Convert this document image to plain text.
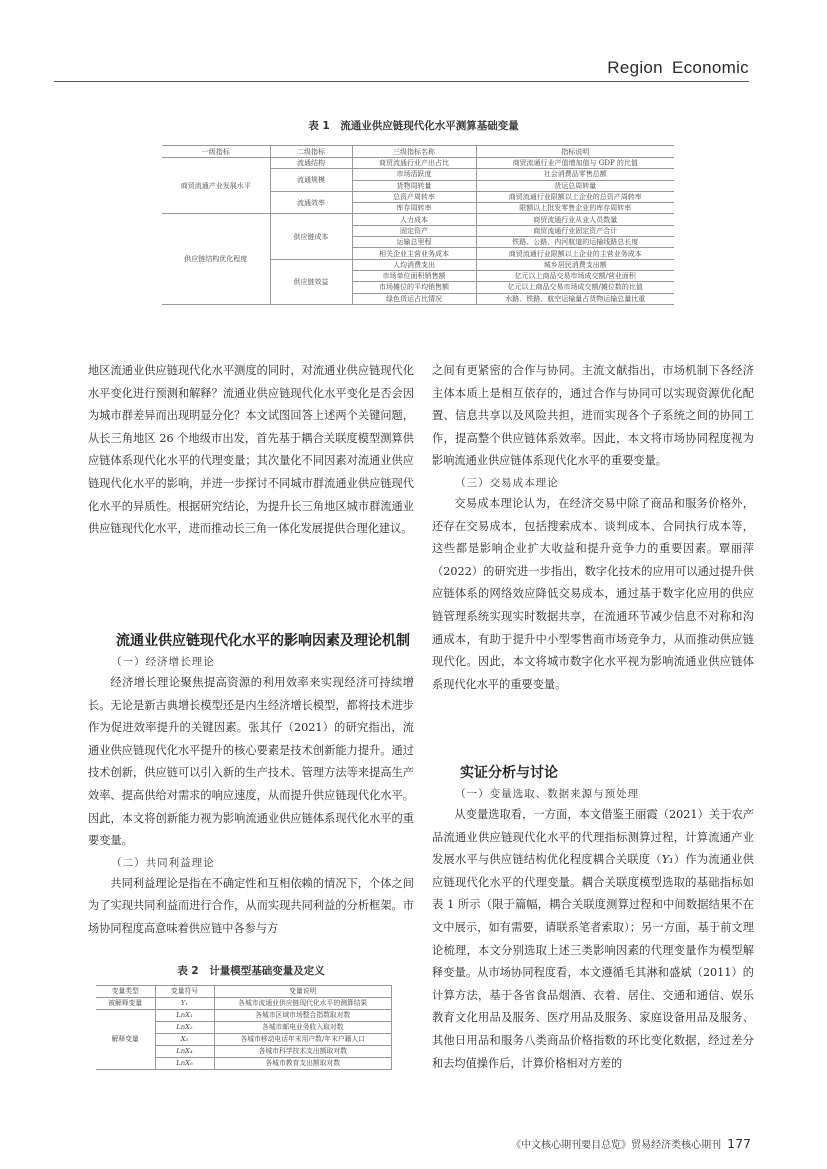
Region Economic
表 1　流通业供应链现代化水平测算基础变量
一级指标	二级指标	三级指标名称	指标说明
商贸流通产业发展水平	流通结构	商贸流通行业产出占比	商贸流通行业产值增加值与 GDP 的比值
	流通规模	市场活跃度	社会消费品零售总额
		货物周转量	货运总周转量
	流通效率	总资产周转率	商贸流通行业限额以上企业的总资产周转率
		库存周转率	限额以上批发零售企业的库存周转率
供应链结构优化程度	供应链成本	人力成本	商贸流通行业从业人员数量
		固定资产	商贸流通行业固定资产合计
		运输总里程	铁路、公路、内河航道的运输线路总长度
		相关企业主营业务成本	商贸流通行业限额以上企业的主营业务成本
	供应链效益	人均消费支出	城乡居民消费支出额
		市场单位面积销售额	亿元以上商品交易市场成交额/营业面积
		市场摊位的平均销售额	亿元以上商品交易市场成交额/摊位数的比值
		绿色货运占比情况	水路、铁路、航空运输量占货物运输总量比重

地区流通业供应链现代化水平测度的同时，对流通业供应链现代化水平变化进行预测和解释？流通业供应链现代化水平变化是否会因为城市群差异而出现明显分化？本文试图回答上述两个关键问题，从长三角地区 26 个地级市出发，首先基于耦合关联度模型测算供应链体系现代化水平的代理变量；其次量化不同因素对流通业供应链现代化水平的影响，并进一步探讨不同城市群流通业供应链现代化水平的异质性。根据研究结论，为提升长三角地区城市群流通业供应链现代化水平，进而推动长三角一体化发展提供合理化建议。

流通业供应链现代化水平的影响因素及理论机制

（一）经济增长理论

经济增长理论聚焦提高资源的利用效率来实现经济可持续增长。无论是新古典增长模型还是内生经济增长模型，都将技术进步作为促进效率提升的关键因素。张其仔（2021）的研究指出，流通业供应链现代化水平提升的核心要素是技术创新能力提升。通过技术创新，供应链可以引入新的生产技术、管理方法等来提高生产效率、提高供给对需求的响应速度，从而提升供应链现代化水平。因此，本文将创新能力视为影响流通业供应链体系现代化水平的重要变量。

（二）共同利益理论

共同利益理论是指在不确定性和互相依赖的情况下，个体之间为了实现共同利益而进行合作，从而实现共同利益的分析框架。市场协同程度高意味着供应链中各参与方

表 2　计量模型基础变量及定义
变量类型	变量符号	变量说明
被解释变量	Y₁	各城市流通业供应链现代化水平的测算结果
解释变量	LnX₁	各城市区域市场整合指数取对数
	LnX₂	各城市邮电业务收入取对数
	X₃	各城市移动电话年末用户数/年末户籍人口
	LnX₄	各城市科学技术支出额取对数
	LnX₅	各城市教育支出额取对数

之间有更紧密的合作与协同。主流文献指出，市场机制下各经济主体本质上是相互依存的，通过合作与协同可以实现资源优化配置、信息共享以及风险共担，进而实现各个子系统之间的协同工作，提高整个供应链体系效率。因此，本文将市场协同程度视为影响流通业供应链体系现代化水平的重要变量。

（三）交易成本理论

交易成本理论认为，在经济交易中除了商品和服务价格外，还存在交易成本，包括搜索成本、谈判成本、合同执行成本等，这些都是影响企业扩大收益和提升竞争力的重要因素。覃丽萍（2022）的研究进一步指出，数字化技术的应用可以通过提升供应链体系的网络效应降低交易成本，通过基于数字化应用的供应链管理系统实现实时数据共享，在流通环节减少信息不对称和沟通成本，有助于提升中小型零售商市场竞争力，从而推动供应链现代化。因此，本文将城市数字化水平视为影响流通业供应链体系现代化水平的重要变量。

实证分析与讨论

（一）变量选取、数据来源与预处理

从变量选取看，一方面，本文借鉴王丽霞（2021）关于农产品流通业供应链现代化水平的代理指标测算过程，计算流通产业发展水平与供应链结构优化程度耦合关联度（Y₁）作为流通业供应链现代化水平的代理变量。耦合关联度模型选取的基础指标如表 1 所示（限于篇幅，耦合关联度测算过程和中间数据结果不在文中展示，如有需要，请联系笔者索取）；另一方面，基于前文理论梳理，本文分别选取上述三类影响因素的代理变量作为模型解释变量。从市场协同程度看，本文遵循毛其淋和盛斌（2011）的计算方法，基于各省食品烟酒、衣着、居住、交通和通信、娱乐教育文化用品及服务、医疗用品及服务、家庭设备用品及服务、其他日用品和服务八类商品价格指数的环比变化数据，经过差分和去均值操作后，计算价格相对方差的

《中文核心期刊要目总览》贸易经济类核心期刊 177
